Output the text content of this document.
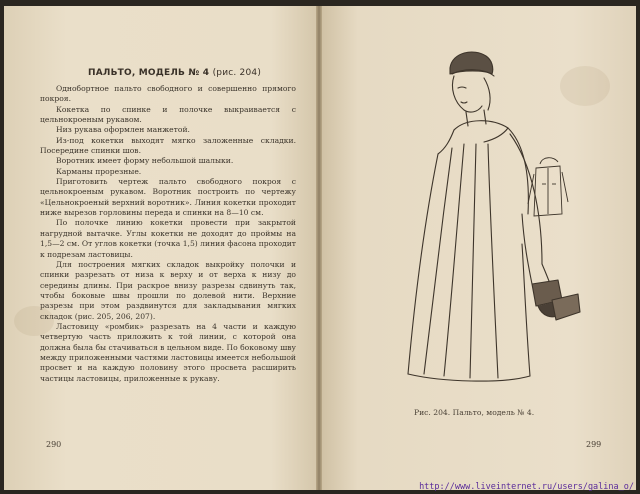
ПАЛЬТО, МОДЕЛЬ № 4 (рис. 204)

Однобортное пальто свободного и совершенно прямого покроя.

Кокетка по спинке и полочке выкраивается с цельнокроеным рукавом.

Низ рукава оформлен манжетой.

Из-под кокетки выходят мягко заложенные складки. Посередине спинки шов.

Воротник имеет форму небольшой шалыки.

Карманы прорезные.

Приготовить чертеж пальто свободного покроя с цельнокроеным рукавом. Воротник построить по чертежу «Цельнокроеный верхний воротник». Линия кокетки проходит ниже вырезов горловины переда и спинки на 8—10 см.

По полочке линию кокетки провести при закрытой нагрудной вытачке. Углы кокетки не доходят до проймы на 1,5—2 см. От углов кокетки (точка 1,5) линия фасона проходит к подрезам ластовицы.

Для построения мягких складок выкройку полочки и спинки разрезать от низа к верху и от верха к низу до середины длины. При раскрое внизу разрезы сдвинуть так, чтобы боковые швы прошли по долевой нити. Верхние разрезы при этом раздвинутся для закладывания мягких складок (рис. 205, 206, 207).

Ластовицу «ромбик» разрезать на 4 части и каждую четвертую часть приложить к той линии, с которой она должна была бы стачиваться в цельном виде. По боковому шву между приложенными частями ластовицы имеется небольшой просвет и на каждую половину этого просвета расширить частицы ластовицы, приложенные к рукаву.

290
Рис. 204. Пальто, модель № 4.
299
http://www.liveinternet.ru/users/galina_o/
